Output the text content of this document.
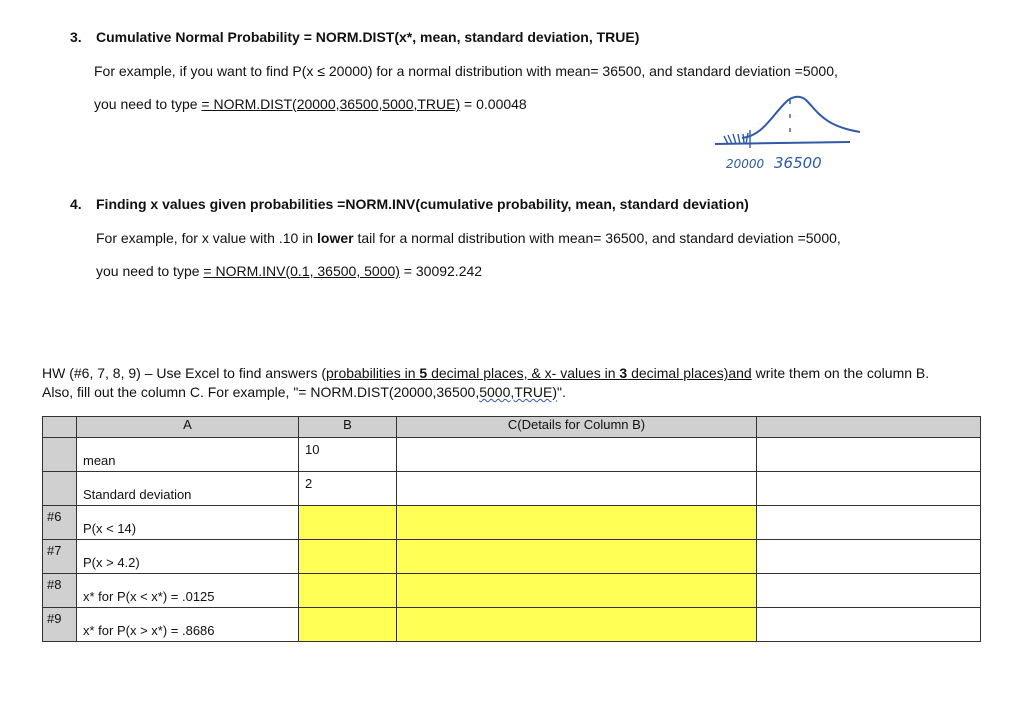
3. Cumulative Normal Probability = NORM.DIST(x*, mean, standard deviation, TRUE)
For example, if you want to find P(x ≤ 20000) for a normal distribution with mean= 36500, and standard deviation =5000,
you need to type = NORM.DIST(20000,36500,5000,TRUE) = 0.00048
20000 36500
4. Finding x values given probabilities =NORM.INV(cumulative probability, mean, standard deviation)
For example, for x value with .10 in lower tail for a normal distribution with mean= 36500, and standard deviation =5000,
you need to type = NORM.INV(0.1, 36500, 5000) = 30092.242
HW (#6, 7, 8, 9) – Use Excel to find answers (probabilities in 5 decimal places, & x- values in 3 decimal places)and write them on the column B.
Also, fill out the column C. For example, "= NORM.DIST(20000,36500,5000,TRUE)".
	A	B	C(Details for Column B)	

	mean	10		

	Standard deviation	2		

#6	P(x < 14)			

#7	P(x > 4.2)			

#8	x* for P(x < x*) = .0125			

#9	x* for P(x > x*) = .8686			
